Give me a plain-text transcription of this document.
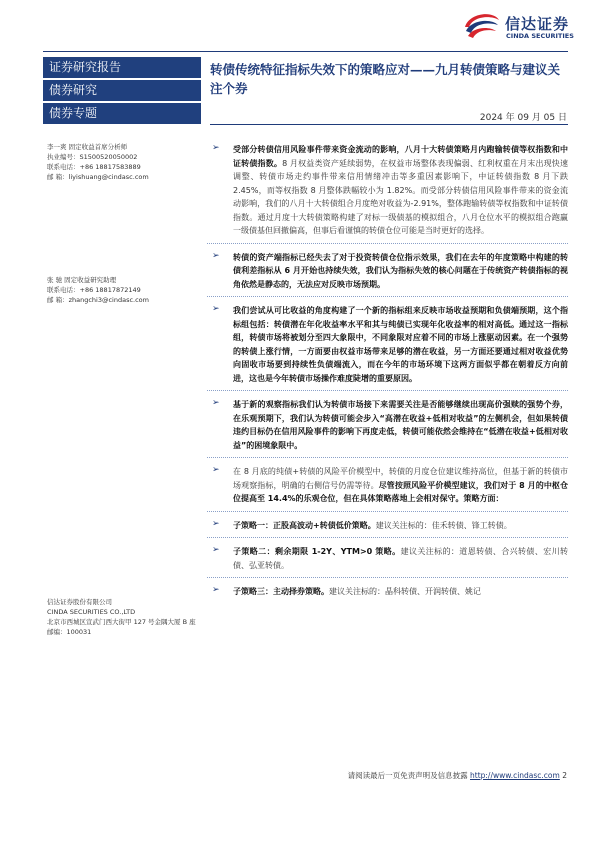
信达证券
CINDA SECURITIES
证券研究报告
债券研究
债券专题
转债传统特征指标失效下的策略应对——九月转债策略与建议关注个券
2024 年 09 月 05 日
李一爽 固定收益首席分析师
执业编号：S1500520050002
联系电话：+86 18817583889
邮 箱：liyishuang@cindasc.com
张 驰 固定收益研究助理
联系电话：+86 18817872149
邮 箱：zhangchi3@cindasc.com
信达证券股份有限公司
CINDA SECURITIES CO.,LTD
北京市西城区宣武门西大街甲 127 号金隅大厦 B 座
邮编：100031
➢ 受部分转债信用风险事件带来资金流动的影响，八月十大转债策略月内跑输转债等权指数和中证转债指数。8 月权益类资产延续弱势，在权益市场整体表现偏弱、红利权重在月末出现快速调整、转债市场走约事件带来信用情绪冲击等多重因素影响下，中证转债指数 8 月下跌 2.45%，而等权指数 8 月整体跌幅较小为 1.82%。而受部分转债信用风险事件带来的资金流动影响，我们的八月十大转债组合月度绝对收益为-2.91%，整体跑输转债等权指数和中证转债指数。通过月度十大转债策略构建了对标一级债基的模拟组合，八月仓位水平的模拟组合跑赢一级债基但回撤偏高，但事后看谨慎的转债仓位可能是当时更好的选择。
➢ 转债的资产端指标已经失去了对于投资转债仓位指示效果，我们在去年的年度策略中构建的转债利差指标从 6 月开始也持续失效，我们认为指标失效的核心问题在于传统资产转债指标的视角依然是静态的，无法应对反映市场预期。
➢ 我们尝试从可比收益的角度构建了一个新的指标组来反映市场收益预期和负债端预期，这个指标组包括：转债潜在年化收益率水平和其与纯债已实现年化收益率的相对高低。通过这一指标组，转债市场将被划分至四大象限中，不同象限对应着不同的市场上涨驱动因素。在一个强势的转债上涨行情，一方面要由权益市场带来足够的潜在收益，另一方面还要通过相对收益优势向固收市场要到持续性负债端流入，而在今年的市场环境下这两方面似乎都在朝着反方向前进，这也是今年转债市场操作难度陡增的重要原因。
➢ 基于新的观察指标我们认为转债市场接下来需要关注是否能够继续出现高价强赎的强势个券，在乐观预期下，我们认为转债可能会步入“高潜在收益+低相对收益”的左侧机会，但如果转债违约目标仍在信用风险事件的影响下再度走低，转债可能依然会维持在“低潜在收益+低相对收益”的困境象限中。
➢ 在 8 月底的纯债+转债的风险平价模型中，转债的月度仓位建议维持高位，但基于新的转债市场观察指标，明确的右侧信号仍需等待。尽管按照风险平价模型建议，我们对于 8 月的中枢仓位提高至 14.4%的乐观仓位，但在具体策略落地上会相对保守。策略方面：
➢ 子策略一：正股高波动+转债低价策略。建议关注标的：佳禾转债、锋工转债。
➢ 子策略二：剩余期限 1-2Y、YTM>0 策略。建议关注标的：道恩转债、合兴转债、宏川转债、弘亚转债。
➢ 子策略三：主动择券策略。建议关注标的：晶科转债、开润转债、姚记
请阅读最后一页免责声明及信息披露 http://www.cindasc.com 2
